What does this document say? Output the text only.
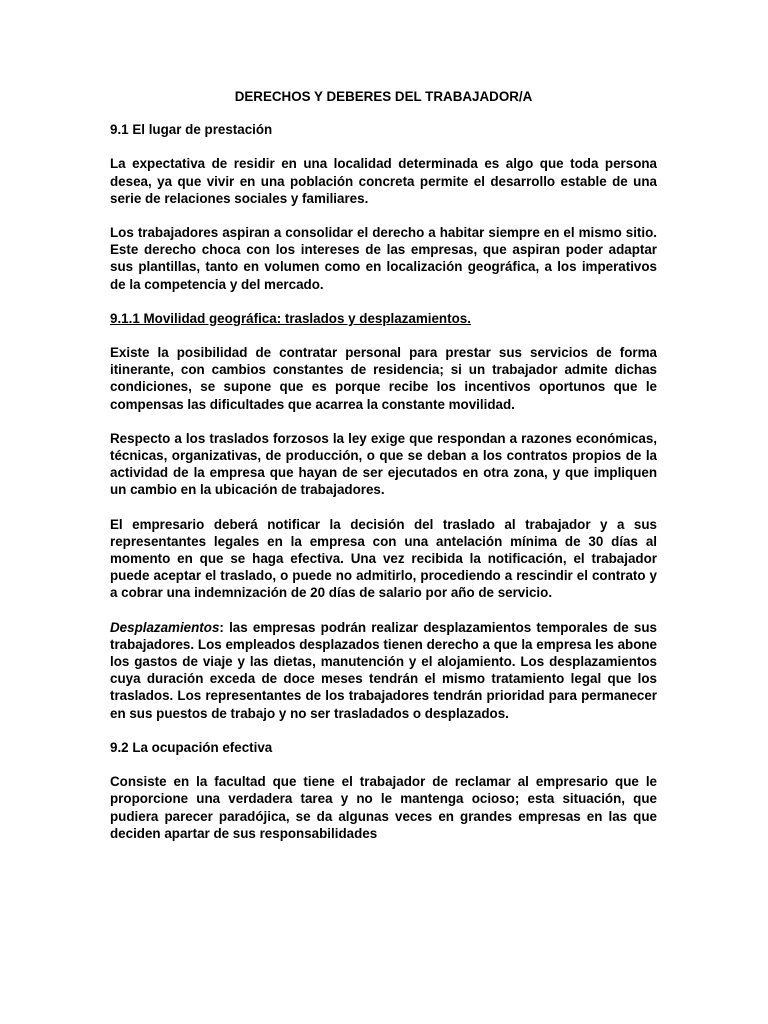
DERECHOS Y DEBERES DEL TRABAJADOR/A
9.1 El lugar de prestación

La expectativa de residir en una localidad determinada es algo que toda persona desea, ya que vivir en una población concreta permite el desarrollo estable de una serie de relaciones sociales y familiares.

Los trabajadores aspiran a consolidar el derecho a habitar siempre en el mismo sitio. Este derecho choca con los intereses de las empresas, que aspiran poder adaptar sus plantillas, tanto en volumen como en localización geográfica, a los imperativos de la competencia y del mercado.

9.1.1 Movilidad geográfica: traslados y desplazamientos.

Existe la posibilidad de contratar personal para prestar sus servicios de forma itinerante, con cambios constantes de residencia; si un trabajador admite dichas condiciones, se supone que es porque recibe los incentivos oportunos que le compensas las dificultades que acarrea la constante movilidad.

Respecto a los traslados forzosos la ley exige que respondan a razones económicas, técnicas, organizativas, de producción, o que se deban a los contratos propios de la actividad de la empresa que hayan de ser ejecutados en otra zona, y que impliquen un cambio en la ubicación de trabajadores.

El empresario deberá notificar la decisión del traslado al trabajador y a sus representantes legales en la empresa con una antelación mínima de 30 días al momento en que se haga efectiva. Una vez recibida la notificación, el trabajador puede aceptar el traslado, o puede no admitirlo, procediendo a rescindir el contrato y a cobrar una indemnización de 20 días de salario por año de servicio.

Desplazamientos: las empresas podrán realizar desplazamientos temporales de sus trabajadores. Los empleados desplazados tienen derecho a que la empresa les abone los gastos de viaje y las dietas, manutención y el alojamiento. Los desplazamientos cuya duración exceda de doce meses tendrán el mismo tratamiento legal que los traslados. Los representantes de los trabajadores tendrán prioridad para permanecer en sus puestos de trabajo y no ser trasladados o desplazados.

9.2 La ocupación efectiva

Consiste en la facultad que tiene el trabajador de reclamar al empresario que le proporcione una verdadera tarea y no le mantenga ocioso; esta situación, que pudiera parecer paradójica, se da algunas veces en grandes empresas en las que deciden apartar de sus responsabilidades
